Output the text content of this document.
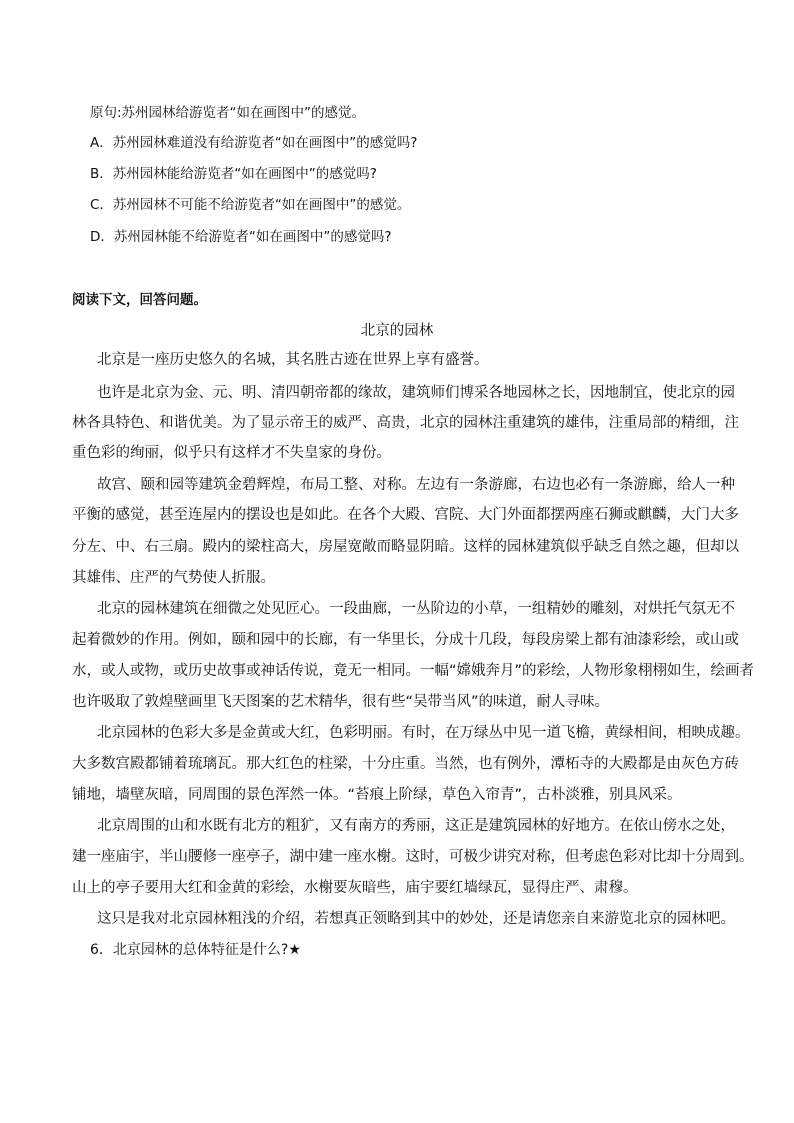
原句:苏州园林给游览者“如在画图中”的感觉。
A．苏州园林难道没有给游览者“如在画图中”的感觉吗?
B．苏州园林能给游览者“如在画图中”的感觉吗?
C．苏州园林不可能不给游览者“如在画图中”的感觉。
D．苏州园林能不给游览者“如在画图中”的感觉吗?
阅读下文，回答问题。
北京的园林
北京是一座历史悠久的名城，其名胜古迹在世界上享有盛誉。
也许是北京为金、元、明、清四朝帝都的缘故，建筑师们博采各地园林之长，因地制宜，使北京的园
林各具特色、和谐优美。为了显示帝王的威严、高贵，北京的园林注重建筑的雄伟，注重局部的精细，注
重色彩的绚丽，似乎只有这样才不失皇家的身份。
故宫、颐和园等建筑金碧辉煌，布局工整、对称。左边有一条游廊，右边也必有一条游廊，给人一种
平衡的感觉，甚至连屋内的摆设也是如此。在各个大殿、宫院、大门外面都摆两座石狮或麒麟，大门大多
分左、中、右三扇。殿内的梁柱高大，房屋宽敞而略显阴暗。这样的园林建筑似乎缺乏自然之趣，但却以
其雄伟、庄严的气势使人折服。
北京的园林建筑在细微之处见匠心。一段曲廊，一丛阶边的小草，一组精妙的雕刻，对烘托气氛无不
起着微妙的作用。例如，颐和园中的长廊，有一华里长，分成十几段，每段房梁上都有油漆彩绘，或山或
水，或人或物，或历史故事或神话传说，竟无一相同。一幅“嫦娥奔月”的彩绘，人物形象栩栩如生，绘画者
也许吸取了敦煌壁画里飞天图案的艺术精华，很有些“吴带当风”的味道，耐人寻味。
北京园林的色彩大多是金黄或大红，色彩明丽。有时，在万绿丛中见一道飞檐，黄绿相间，相映成趣。
大多数宫殿都铺着琉璃瓦。那大红色的柱梁，十分庄重。当然，也有例外，潭柘寺的大殿都是由灰色方砖
铺地，墙壁灰暗，同周围的景色浑然一体。“苔痕上阶绿，草色入帘青”，古朴淡雅，别具风采。
北京周围的山和水既有北方的粗犷，又有南方的秀丽，这正是建筑园林的好地方。在依山傍水之处，
建一座庙宇，半山腰修一座亭子，湖中建一座水榭。这时，可极少讲究对称，但考虑色彩对比却十分周到。
山上的亭子要用大红和金黄的彩绘，水榭要灰暗些，庙宇要红墙绿瓦，显得庄严、肃穆。
这只是我对北京园林粗浅的介绍，若想真正领略到其中的妙处，还是请您亲自来游览北京的园林吧。
6．北京园林的总体特征是什么?★
